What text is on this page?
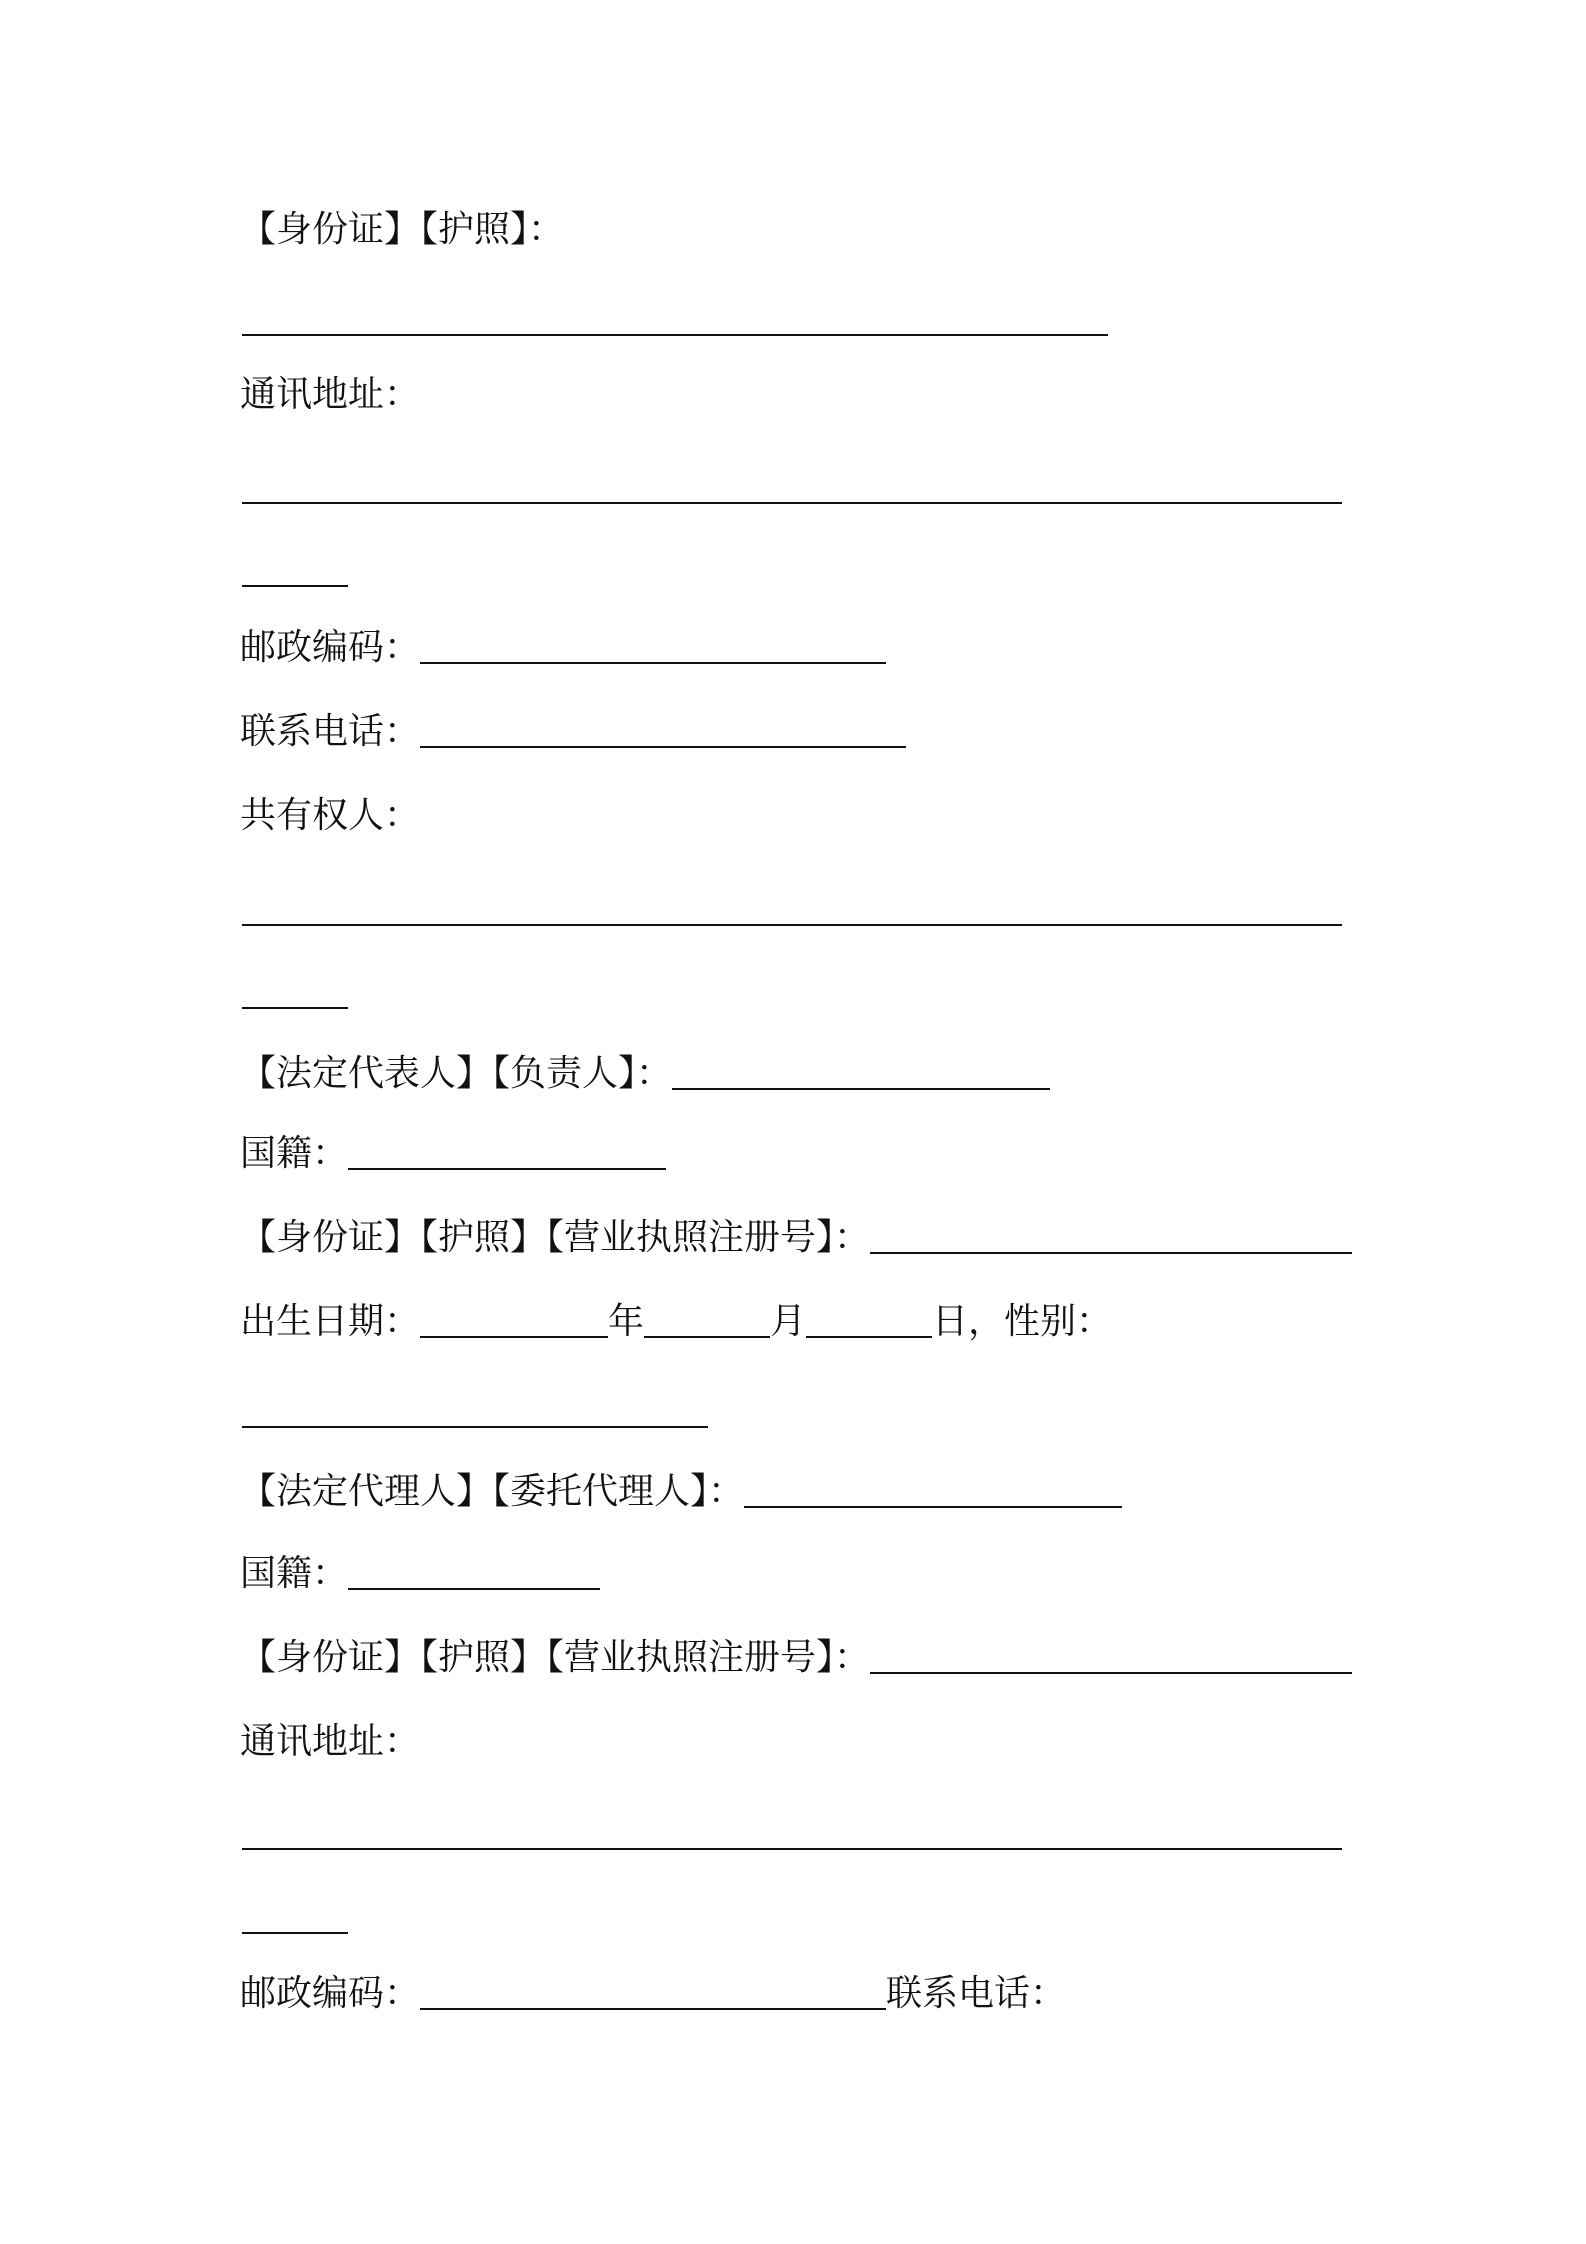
【身份证】【护照】：
通讯地址：
邮政编码：
联系电话：
共有权人：
【法定代表人】【负责人】：
国籍：
【身份证】【护照】【营业执照注册号】：
出生日期：	年	月	日，性别：
【法定代理人】【委托代理人】：
国籍：
【身份证】【护照】【营业执照注册号】：
通讯地址：
邮政编码：	联系电话：
